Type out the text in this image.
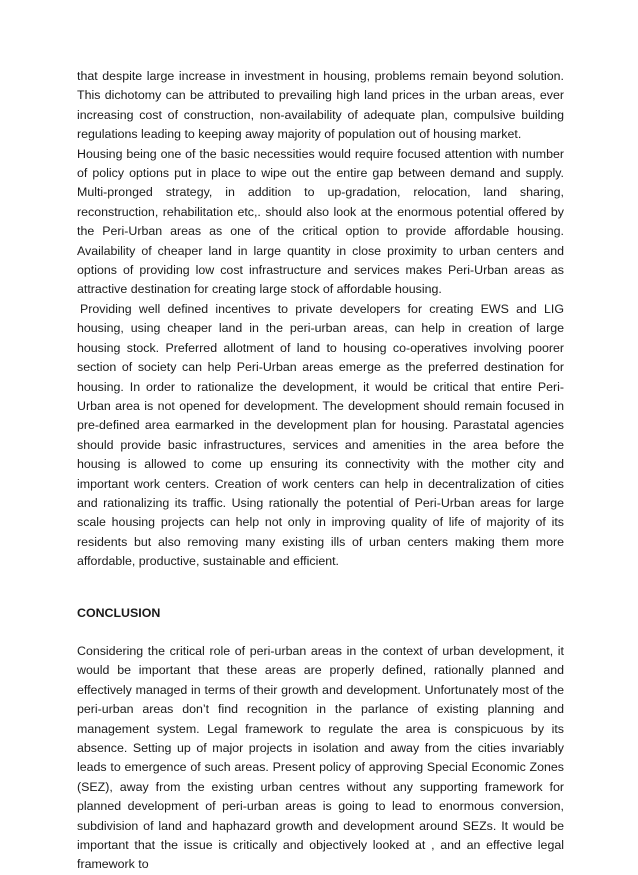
that despite large increase in investment in housing, problems remain beyond solution. This dichotomy can be attributed to prevailing high land prices in the urban areas, ever increasing cost of construction, non-availability of adequate plan, compulsive building regulations leading to keeping away majority of population out of housing market.

Housing being one of the basic necessities would require focused attention with number of policy options put in place to wipe out the entire gap between demand and supply. Multi-pronged strategy, in addition to up-gradation, relocation, land sharing, reconstruction, rehabilitation etc,. should also look at the enormous potential offered by the Peri-Urban areas as one of the critical option to provide affordable housing. Availability of cheaper land in large quantity in close proximity to urban centers and options of providing low cost infrastructure and services makes Peri-Urban areas as attractive destination for creating large stock of affordable housing.

Providing well defined incentives to private developers for creating EWS and LIG housing, using cheaper land in the peri-urban areas, can help in creation of large housing stock. Preferred allotment of land to housing co-operatives involving poorer section of society can help Peri-Urban areas emerge as the preferred destination for housing. In order to rationalize the development, it would be critical that entire Peri-Urban area is not opened for development. The development should remain focused in pre-defined area earmarked in the development plan for housing. Parastatal agencies should provide basic infrastructures, services and amenities in the area before the housing is allowed to come up ensuring its connectivity with the mother city and important work centers. Creation of work centers can help in decentralization of cities and rationalizing its traffic. Using rationally the potential of Peri-Urban areas for large scale housing projects can help not only in improving quality of life of majority of its residents but also removing many existing ills of urban centers making them more affordable, productive, sustainable and efficient.

CONCLUSION

Considering the critical role of peri-urban areas in the context of urban development, it would be important that these areas are properly defined, rationally planned and effectively managed in terms of their growth and development. Unfortunately most of the peri-urban areas don’t find recognition in the parlance of existing planning and management system. Legal framework to regulate the area is conspicuous by its absence. Setting up of major projects in isolation and away from the cities invariably leads to emergence of such areas. Present policy of approving Special Economic Zones (SEZ), away from the existing urban centres without any supporting framework for planned development of peri-urban areas is going to lead to enormous conversion, subdivision of land and haphazard growth and development around SEZs. It would be important that the issue is critically and objectively looked at , and an effective legal framework to
